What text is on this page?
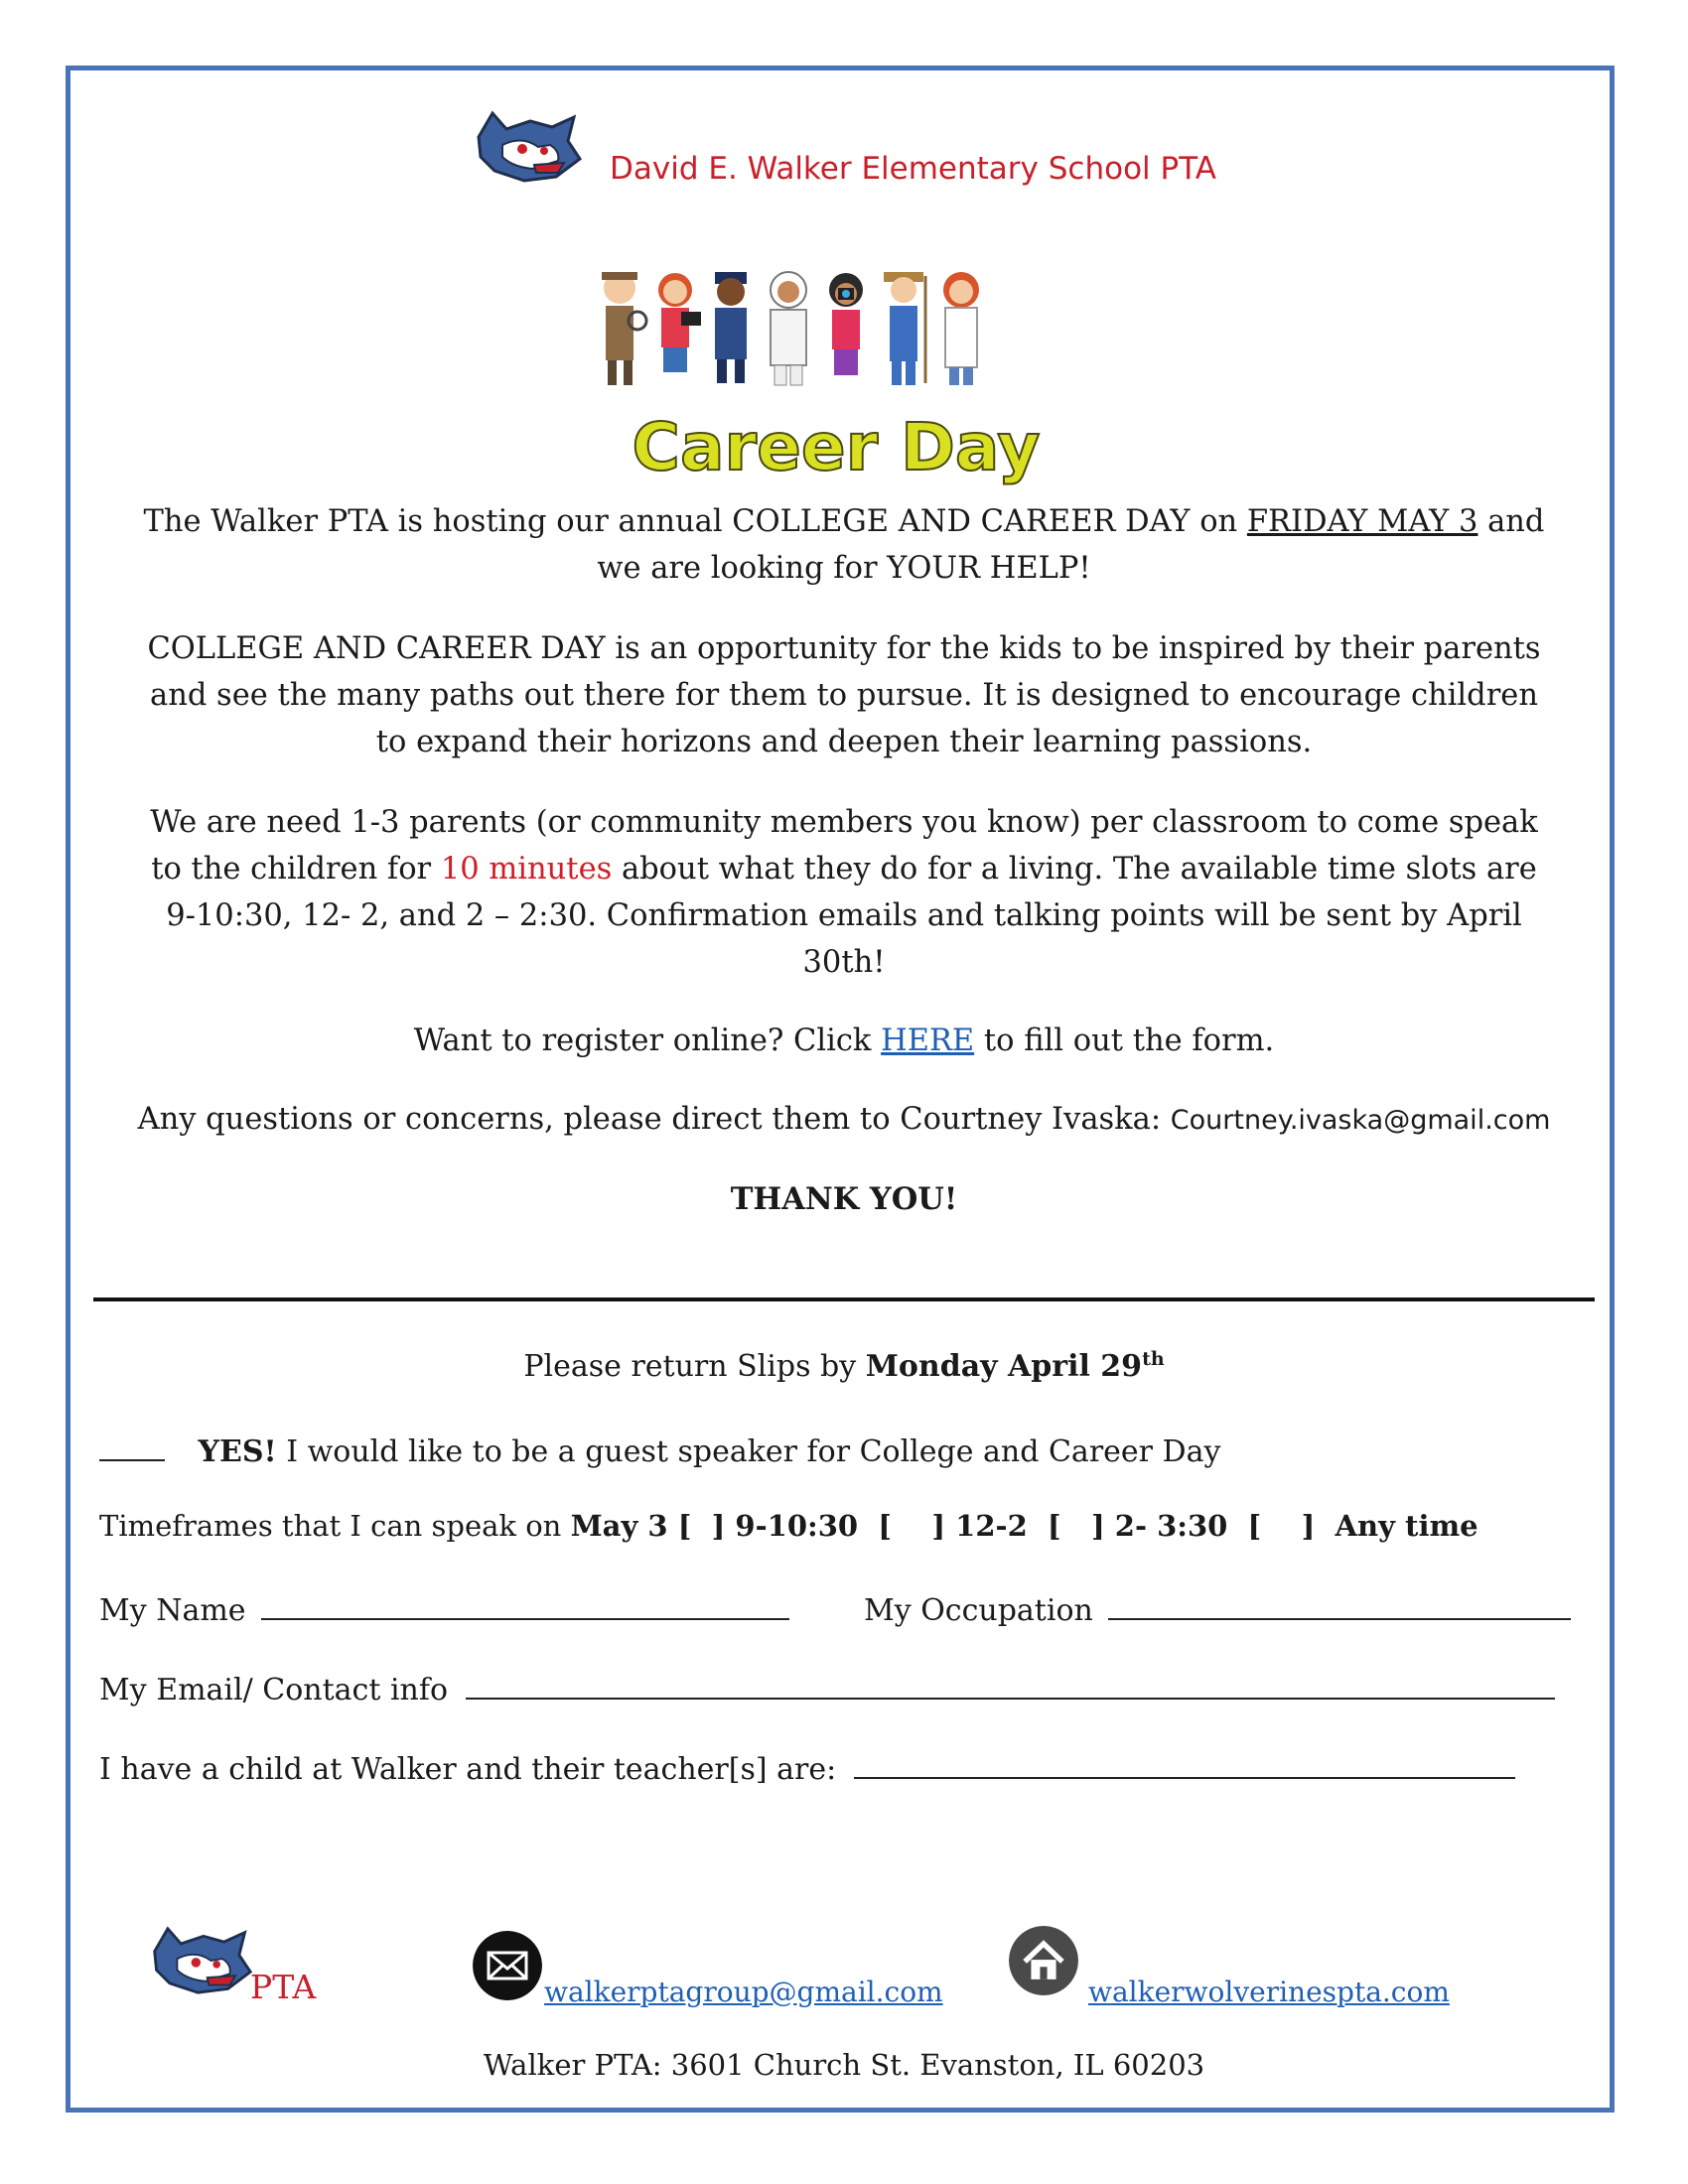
David E. Walker Elementary School PTA
Career Day
The Walker PTA is hosting our annual COLLEGE AND CAREER DAY on FRIDAY MAY 3 and
we are looking for YOUR HELP!
COLLEGE AND CAREER DAY is an opportunity for the kids to be inspired by their parents
and see the many paths out there for them to pursue. It is designed to encourage children
to expand their horizons and deepen their learning passions.
We are need 1-3 parents (or community members you know) per classroom to come speak
to the children for 10 minutes about what they do for a living. The available time slots are
9-10:30, 12- 2, and 2 – 2:30. Confirmation emails and talking points will be sent by April
30th!
Want to register online? Click HERE to fill out the form.
Any questions or concerns, please direct them to Courtney Ivaska: Courtney.ivaska@gmail.com
THANK YOU!
Please return Slips by Monday April 29th
YES! I would like to be a guest speaker for College and Career Day
Timeframes that I can speak on May 3 [  ] 9-10:30  [    ] 12-2  [   ] 2- 3:30  [    ]  Any time
My Name	My Occupation
My Email/ Contact info
I have a child at Walker and their teacher[s] are:
PTA	walkerptagroup@gmail.com	walkerwolverinespta.com
Walker PTA: 3601 Church St. Evanston, IL 60203
